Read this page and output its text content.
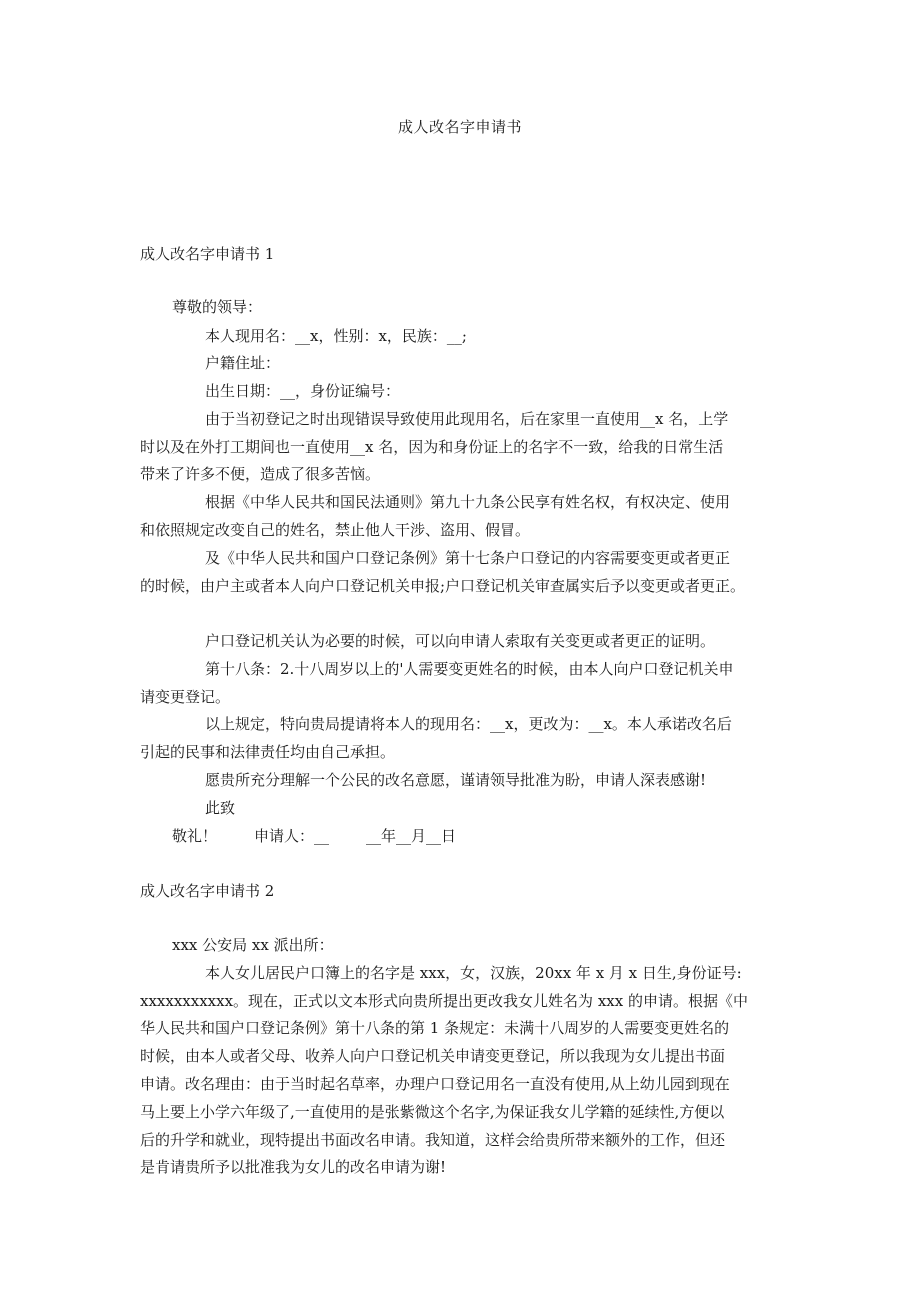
成人改名字申请书
成人改名字申请书 1
尊敬的领导：
本人现用名：__x，性别：x，民族：__;
户籍住址：
出生日期：__，身份证编号：
由于当初登记之时出现错误导致使用此现用名，后在家里一直使用__x 名，上学
时以及在外打工期间也一直使用__x 名，因为和身份证上的名字不一致，给我的日常生活
带来了许多不便，造成了很多苦恼。
根据《中华人民共和国民法通则》第九十九条公民享有姓名权，有权决定、使用
和依照规定改变自己的姓名，禁止他人干涉、盗用、假冒。
及《中华人民共和国户口登记条例》第十七条户口登记的内容需要变更或者更正
的时候，由户主或者本人向户口登记机关申报;户口登记机关审查属实后予以变更或者更正。
户口登记机关认为必要的时候，可以向申请人索取有关变更或者更正的证明。
第十八条：2.十八周岁以上的'人需要变更姓名的时候，由本人向户口登记机关申
请变更登记。
以上规定，特向贵局提请将本人的现用名：__x，更改为：__x。本人承诺改名后
引起的民事和法律责任均由自己承担。
愿贵所充分理解一个公民的改名意愿，谨请领导批准为盼，申请人深表感谢!
此致
敬礼！ 申请人：__ __年__月__日
成人改名字申请书 2
xxx 公安局 xx 派出所：
本人女儿居民户口簿上的名字是 xxx，女，汉族，20xx 年 x 月 x 日生,身份证号:
xxxxxxxxxxx。现在，正式以文本形式向贵所提出更改我女儿姓名为 xxx 的申请。根据《中
华人民共和国户口登记条例》第十八条的第 1 条规定：未满十八周岁的人需要变更姓名的
时候，由本人或者父母、收养人向户口登记机关申请变更登记，所以我现为女儿提出书面
申请。改名理由：由于当时起名草率，办理户口登记用名一直没有使用,从上幼儿园到现在
马上要上小学六年级了,一直使用的是张紫微这个名字,为保证我女儿学籍的延续性,方便以
后的升学和就业，现特提出书面改名申请。我知道，这样会给贵所带来额外的工作，但还
是肯请贵所予以批准我为女儿的改名申请为谢!
